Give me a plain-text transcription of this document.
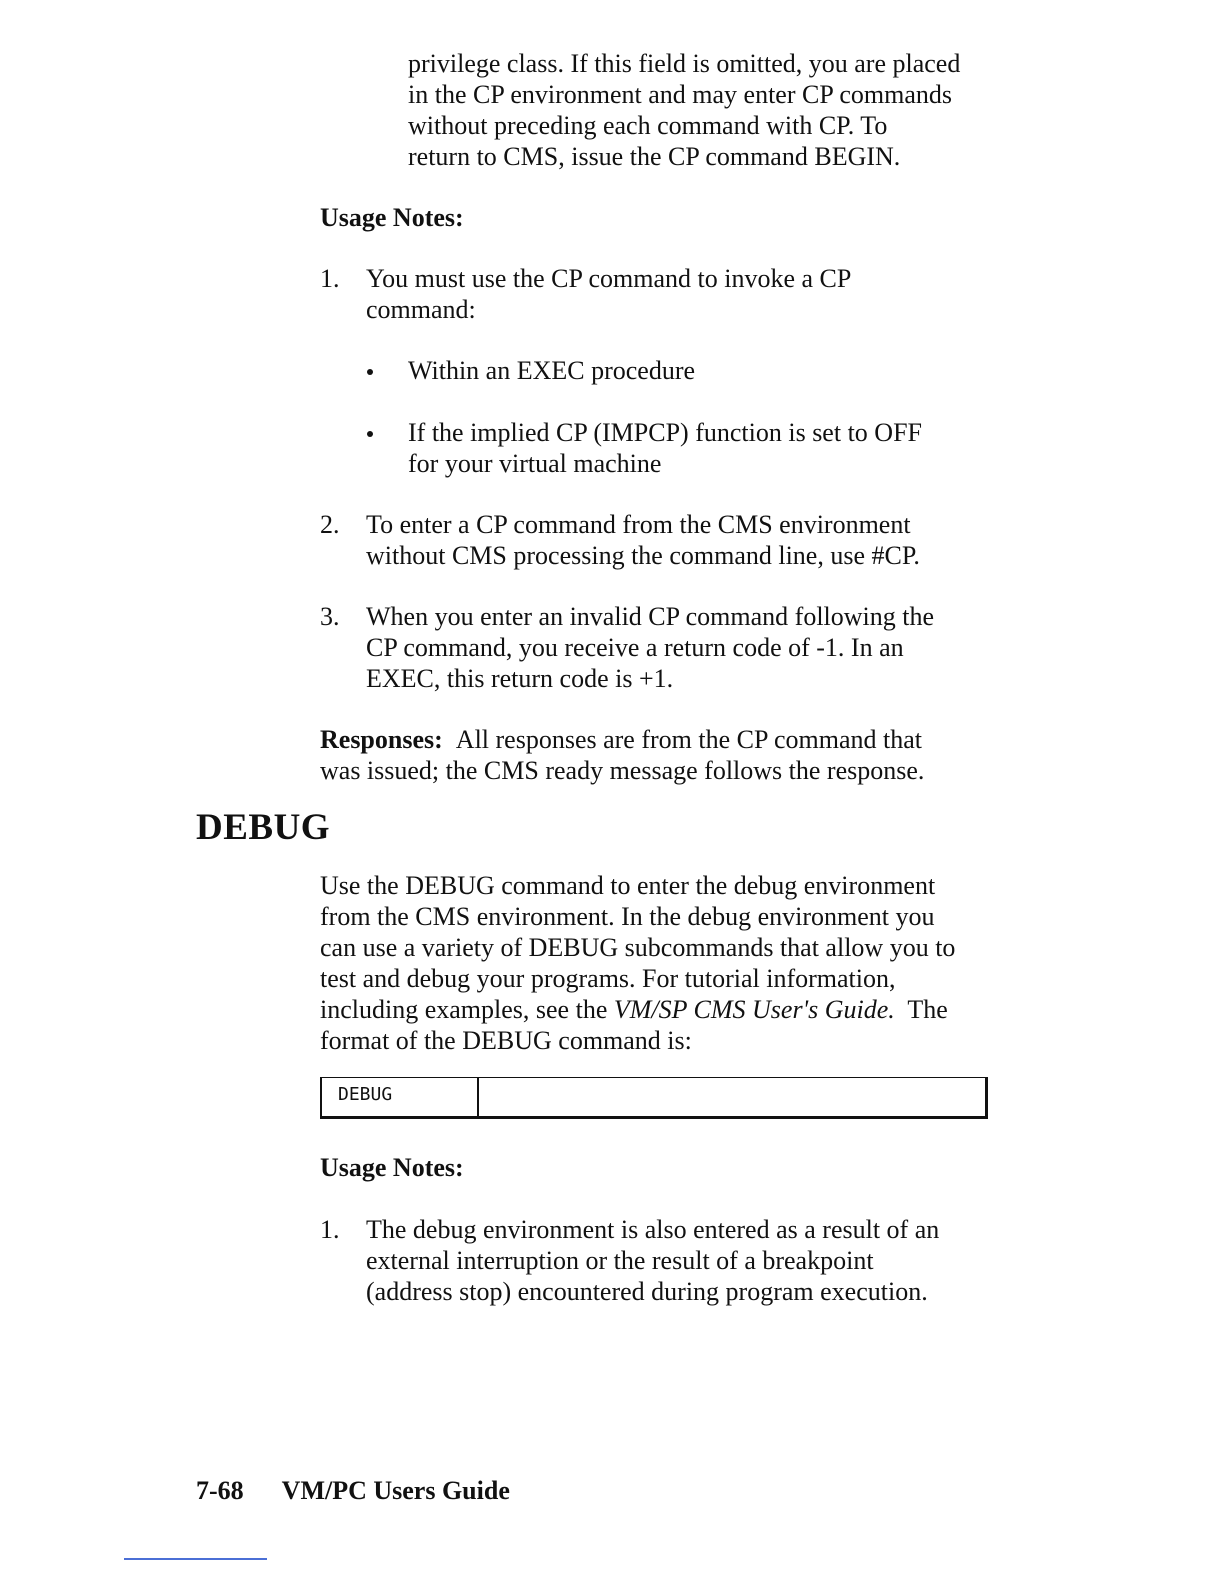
privilege class. If this field is omitted, you are placed
in the CP environment and may enter CP commands
without preceding each command with CP. To
return to CMS, issue the CP command BEGIN.
Usage Notes:
1. You must use the CP command to invoke a CP
command:
Within an EXEC procedure
If the implied CP (IMPCP) function is set to OFF
for your virtual machine
2. To enter a CP command from the CMS environment
without CMS processing the command line, use #CP.
3. When you enter an invalid CP command following the
CP command, you receive a return code of -1. In an
EXEC, this return code is +1.
Responses: All responses are from the CP command that
was issued; the CMS ready message follows the response.
DEBUG
Use the DEBUG command to enter the debug environment
from the CMS environment. In the debug environment you
can use a variety of DEBUG subcommands that allow you to
test and debug your programs. For tutorial information,
including examples, see the VM/SP CMS User's Guide.  The
format of the DEBUG command is:
DEBUG
Usage Notes:
1. The debug environment is also entered as a result of an
external interruption or the result of a breakpoint
(address stop) encountered during program execution.
7-68 VM/PC Users Guide
